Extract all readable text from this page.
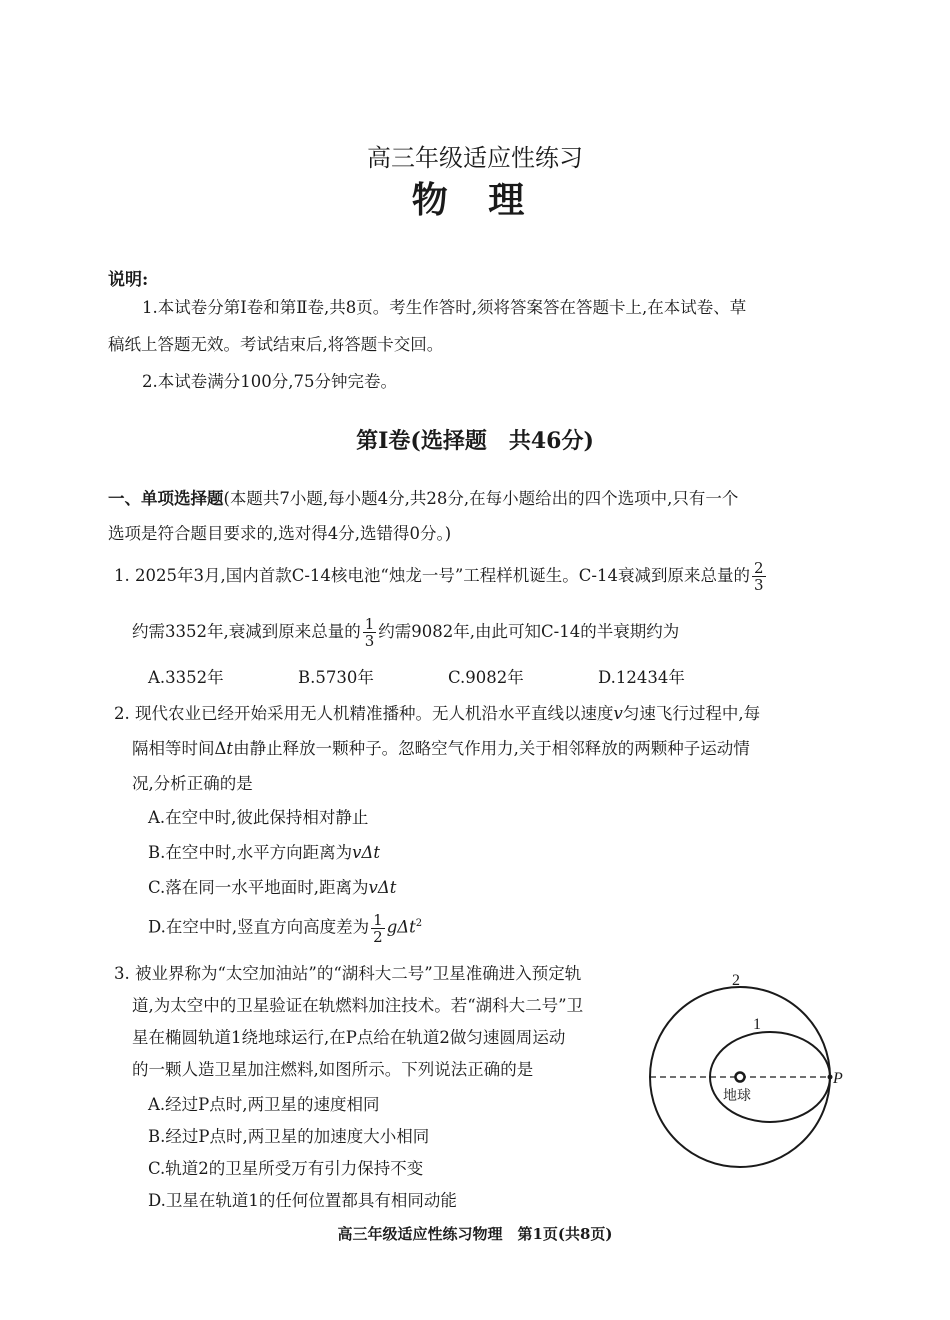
高三年级适应性练习
物 理
说明:
1.本试卷分第Ⅰ卷和第Ⅱ卷,共8页。考生作答时,须将答案答在答题卡上,在本试卷、草
稿纸上答题无效。考试结束后,将答题卡交回。
2.本试卷满分100分,75分钟完卷。
第Ⅰ卷(选择题　共46分)
一、单项选择题(本题共7小题,每小题4分,共28分,在每小题给出的四个选项中,只有一个
选项是符合题目要求的,选对得4分,选错得0分。)
1. 2025年3月,国内首款C-14核电池“烛龙一号”工程样机诞生。C-14衰减到原来总量的 $\frac{2}{3}$
约需3352年,衰减到原来总量的 $\frac{1}{3}$ 约需9082年,由此可知C-14的半衰期约为
A.3352年	B.5730年	C.9082年	D.12434年
2. 现代农业已经开始采用无人机精准播种。无人机沿水平直线以速度v匀速飞行过程中,每
隔相等时间Δt由静止释放一颗种子。忽略空气作用力,关于相邻释放的两颗种子运动情
况,分析正确的是
A.在空中时,彼此保持相对静止
B.在空中时,水平方向距离为vΔt
C.落在同一水平地面时,距离为vΔt
D.在空中时,竖直方向高度差为 $\frac{1}{2} g\Delta t^2$
3. 被业界称为“太空加油站”的“湖科大二号”卫星准确进入预定轨
道,为太空中的卫星验证在轨燃料加注技术。若“湖科大二号”卫
星在椭圆轨道1绕地球运行,在P点给在轨道2做匀速圆周运动
的一颗人造卫星加注燃料,如图所示。下列说法正确的是
A.经过P点时,两卫星的速度相同
B.经过P点时,两卫星的加速度大小相同
C.轨道2的卫星所受万有引力保持不变
D.卫星在轨道1的任何位置都具有相同动能
2
1
P
地球
高三年级适应性练习物理　第1页(共8页)
